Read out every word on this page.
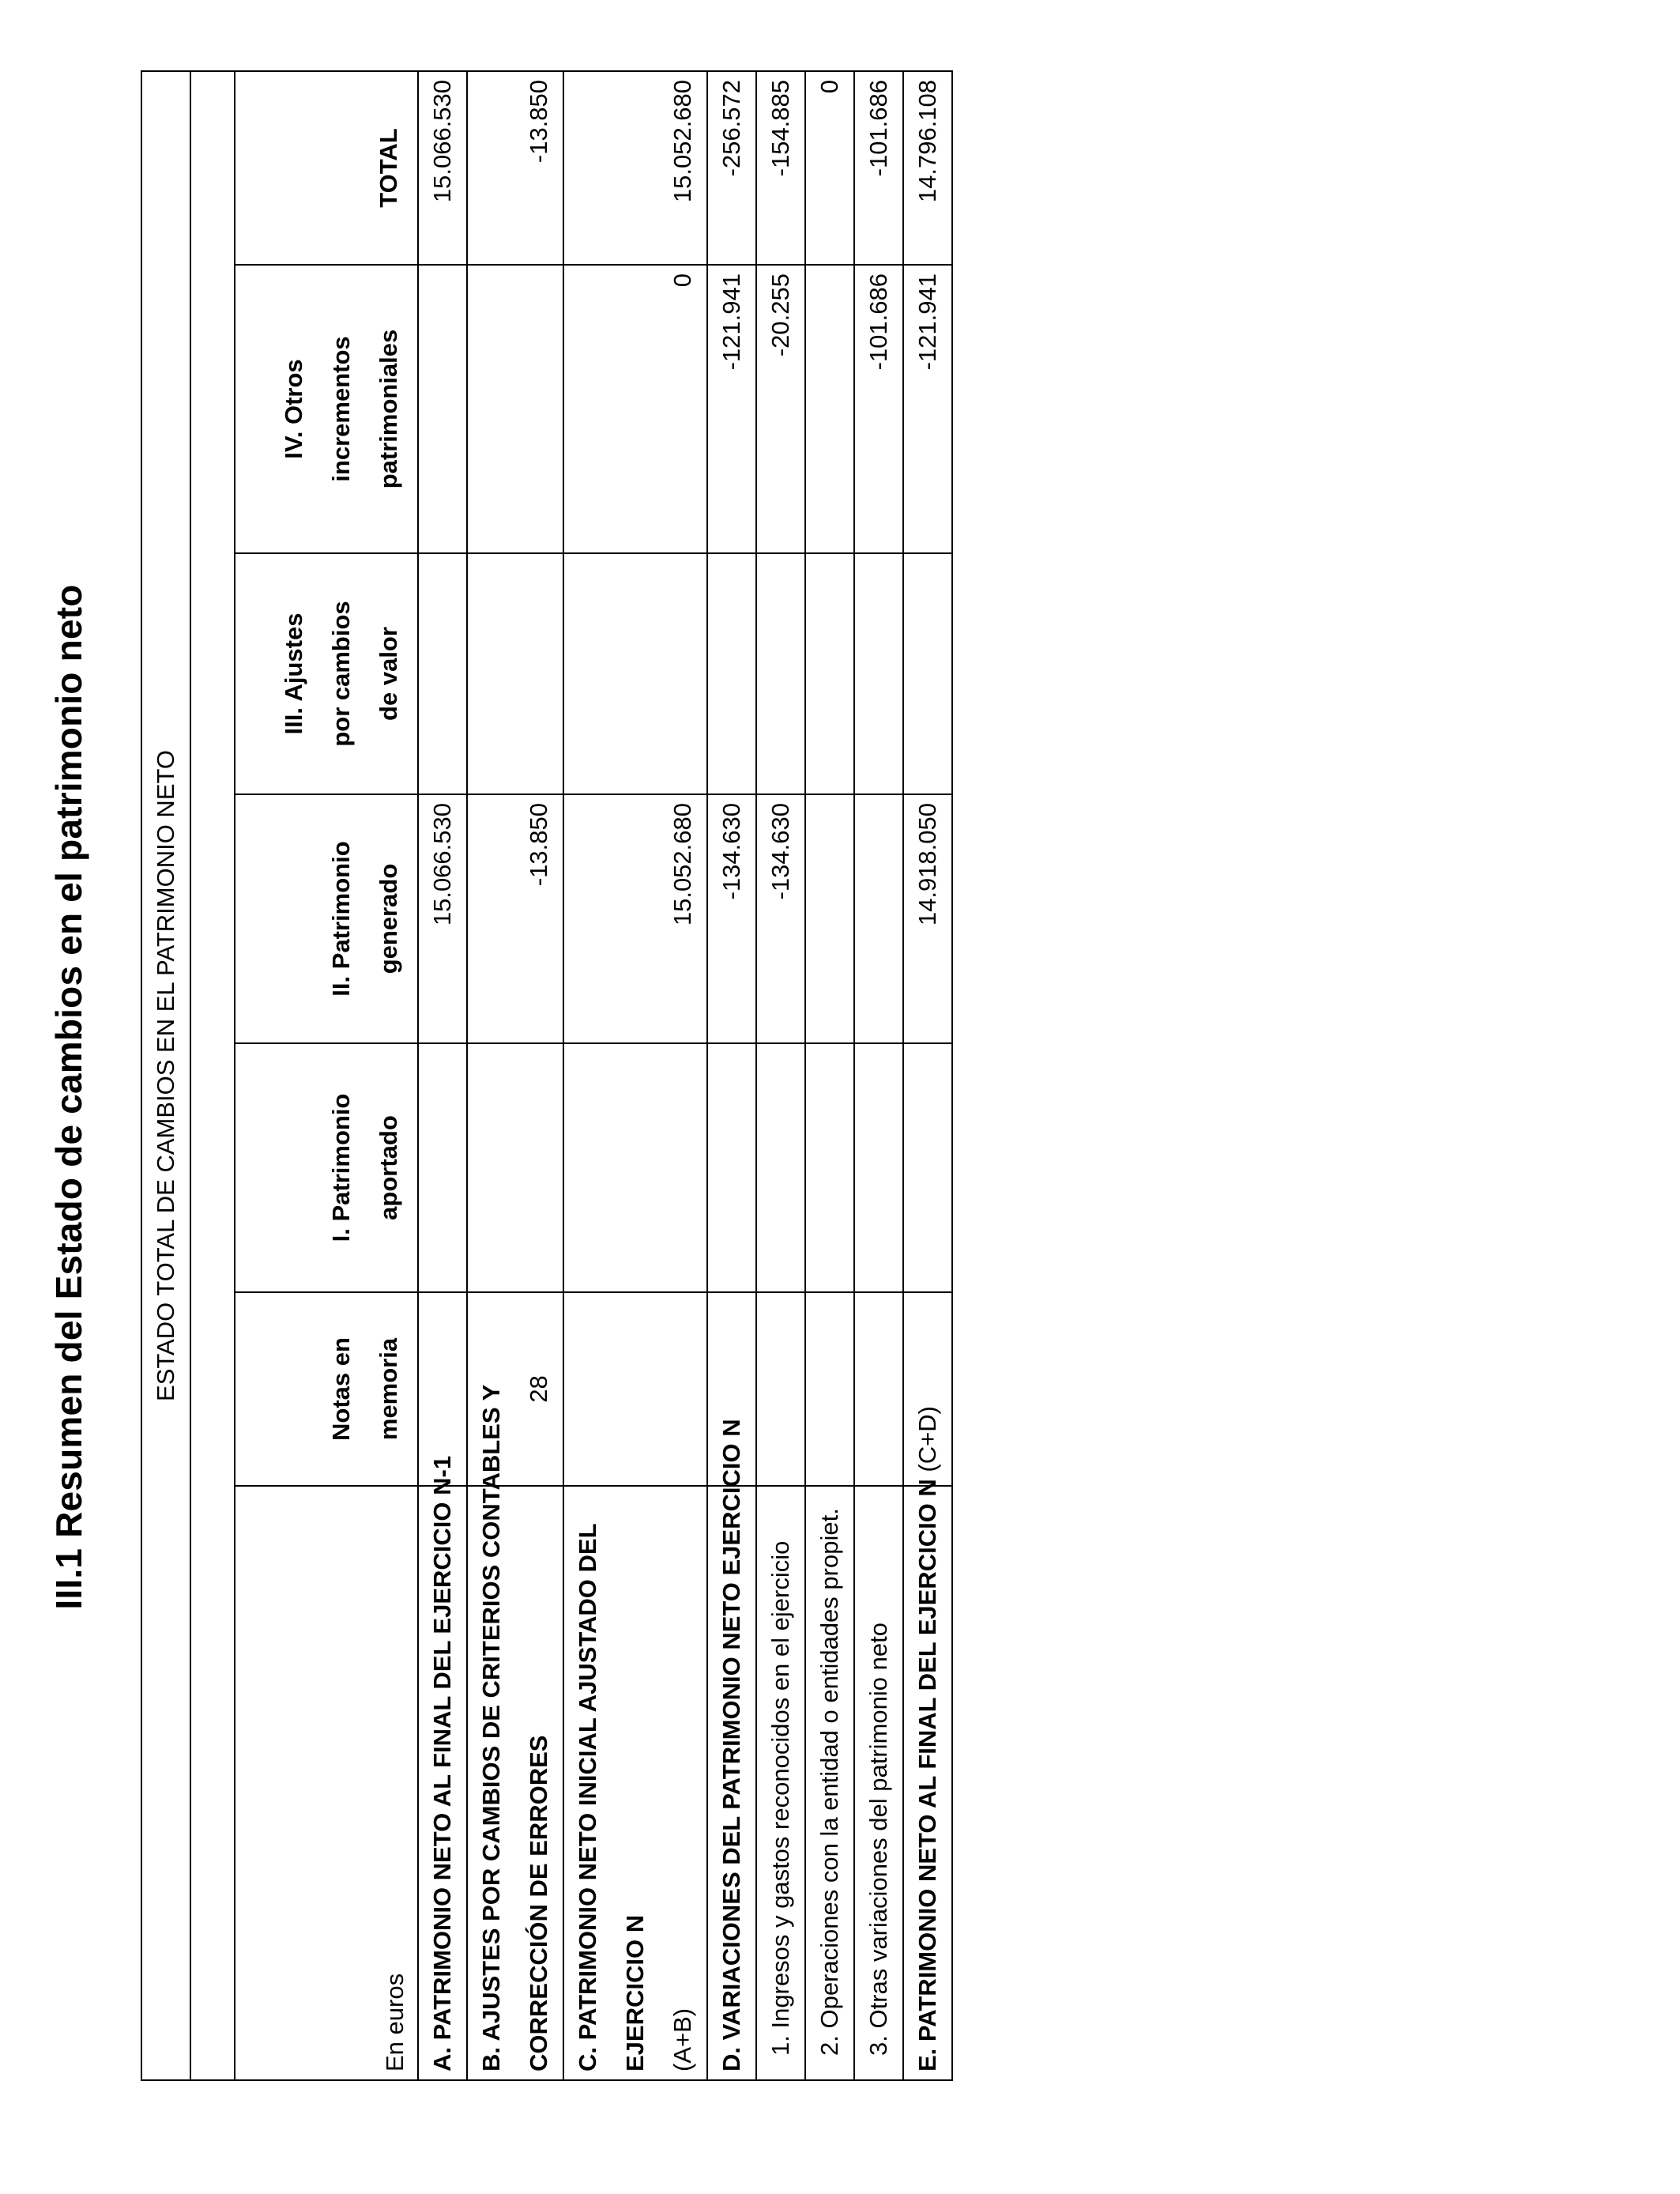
III.1 Resumen del Estado de cambios en el patrimonio neto	ESTADO TOTAL DE CAMBIOS EN EL PATRIMONIO NETO						

En euros	Notas en memoria	I. Patrimonio aportado	II. Patrimonio generado	III. Ajustes por cambios de valor	IV. Otros incrementos patrimoniales	TOTAL

A. PATRIMONIO NETO AL FINAL DEL EJERCICIO N-1			15.066.530			15.066.530

B. AJUSTES POR CAMBIOS DE CRITERIOS CONTABLES Y CORRECCIÓN DE ERRORES	28		-13.850			-13.850

C. PATRIMONIO NETO INICIAL AJUSTADO DEL EJERCICIO N (A+B)			15.052.680		0	15.052.680
D. VARIACIONES DEL PATRIMONIO NETO EJERCICIO N			-134.630		-121.941	-256.572
1. Ingresos y gastos reconocidos en el ejercicio			-134.630		-20.255	-154.885
2. Operaciones con la entidad o entidades propiet.						0
3. Otras variaciones del patrimonio neto					-101.686	-101.686
E. PATRIMONIO NETO AL FINAL DEL EJERCICIO N (C+D)			14.918.050		-121.941	14.796.108
